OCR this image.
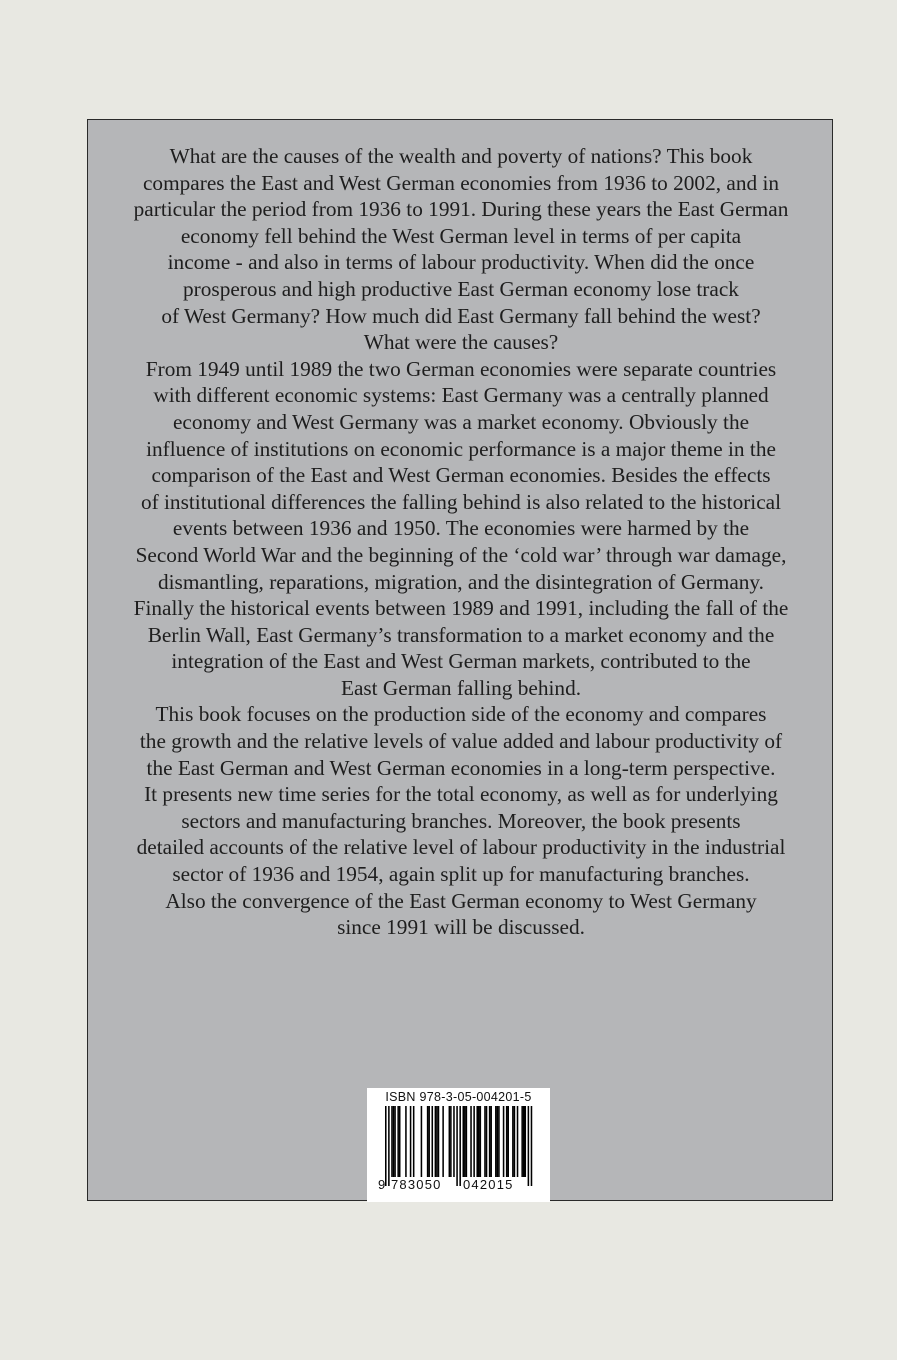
What are the causes of the wealth and poverty of nations? This book
compares the East and West German economies from 1936 to 2002, and in
particular the period from 1936 to 1991. During these years the East German
economy fell behind the West German level in terms of per capita
income - and also in terms of labour productivity. When did the once
prosperous and high productive East German economy lose track
of West Germany? How much did East Germany fall behind the west?
What were the causes?
From 1949 until 1989 the two German economies were separate countries
with different economic systems: East Germany was a centrally planned
economy and West Germany was a market economy. Obviously the
influence of institutions on economic performance is a major theme in the
comparison of the East and West German economies. Besides the effects
of institutional differences the falling behind is also related to the historical
events between 1936 and 1950. The economies were harmed by the
Second World War and the beginning of the ‘cold war’ through war damage,
dismantling, reparations, migration, and the disintegration of Germany.
Finally the historical events between 1989 and 1991, including the fall of the
Berlin Wall, East Germany’s transformation to a market economy and the
integration of the East and West German markets, contributed to the
East German falling behind.
This book focuses on the production side of the economy and compares
the growth and the relative levels of value added and labour productivity of
the East German and West German economies in a long-term perspective.
It presents new time series for the total economy, as well as for underlying
sectors and manufacturing branches. Moreover, the book presents
detailed accounts of the relative level of labour productivity in the industrial
sector of 1936 and 1954, again split up for manufacturing branches.
Also the convergence of the East German economy to West Germany
since 1991 will be discussed.
ISBN 978-3-05-004201-5
9 783050 042015
